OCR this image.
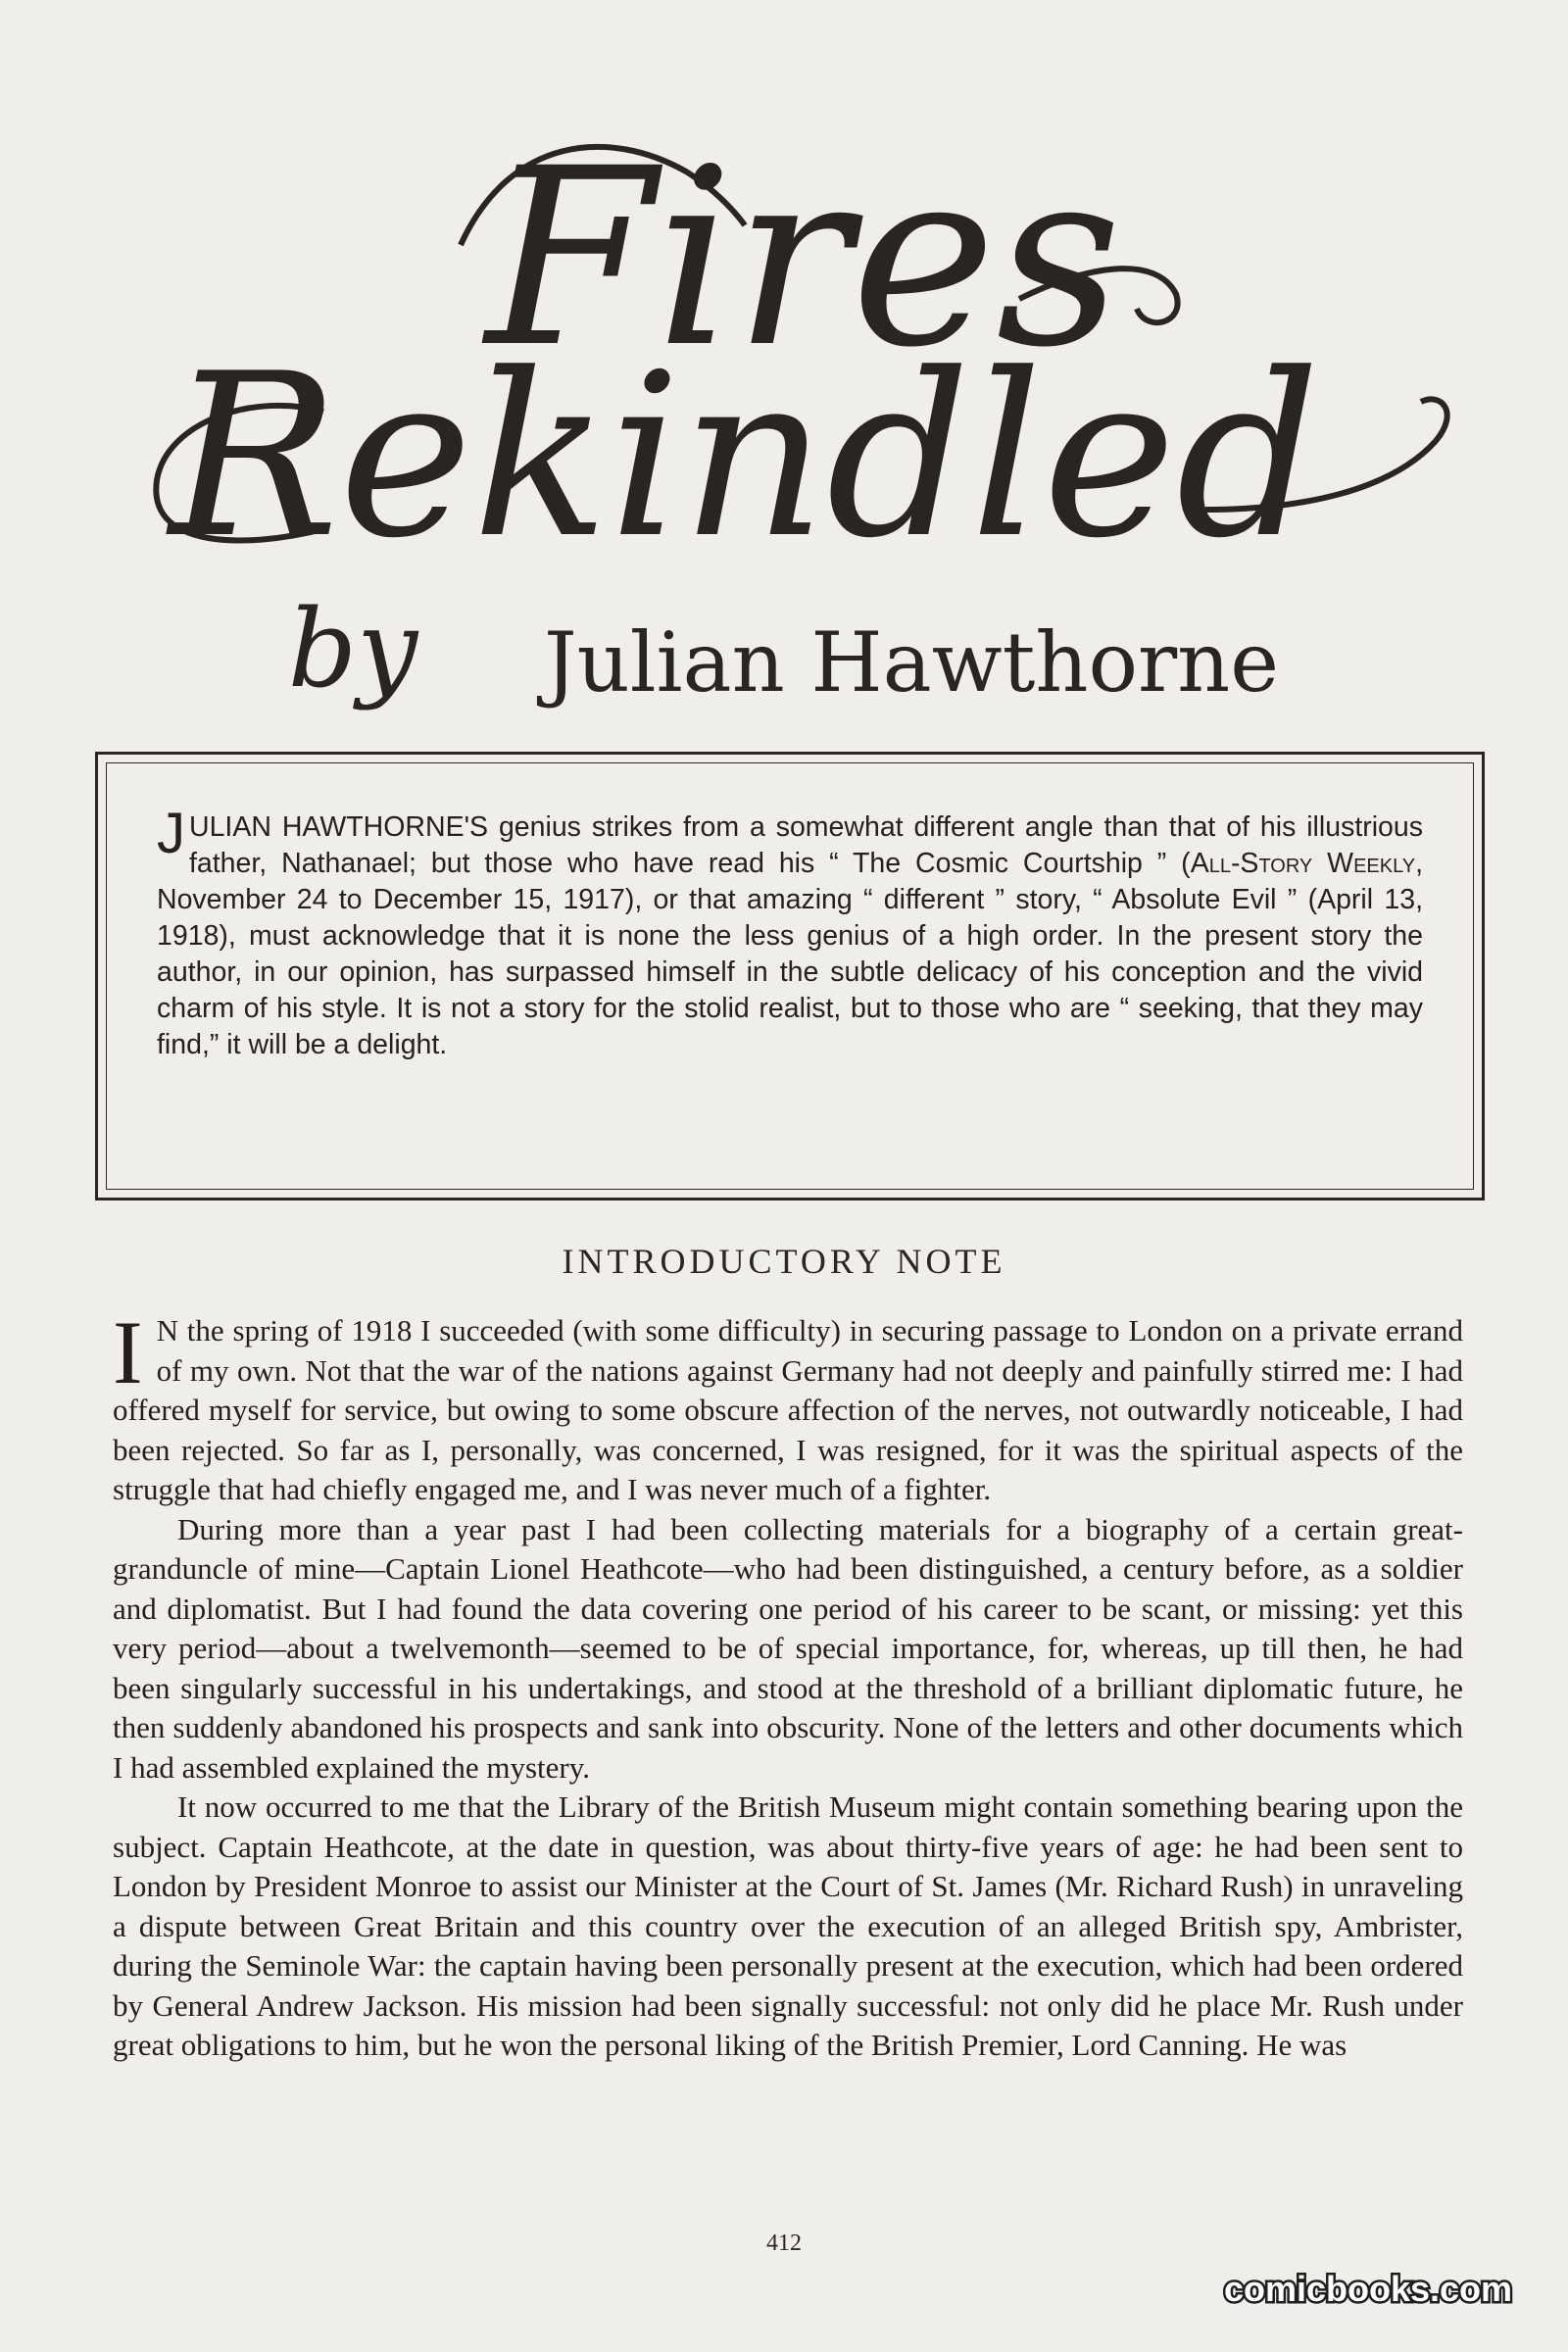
Fires
Rekindled
by Julian Hawthorne
JULIAN HAWTHORNE'S genius strikes from a somewhat different angle than that of his illustrious father, Nathanael; but those who have read his “ The Cosmic Courtship ” (All-Story Weekly, November 24 to December 15, 1917), or that amazing “ different ” story, “ Absolute Evil ” (April 13, 1918), must acknowledge that it is none the less genius of a high order. In the present story the author, in our opinion, has surpassed himself in the subtle delicacy of his conception and the vivid charm of his style. It is not a story for the stolid realist, but to those who are “ seeking, that they may find,” it will be a delight.
INTRODUCTORY NOTE

I N the spring of 1918 I succeeded (with some difficulty) in securing passage to London on a private errand of my own. Not that the war of the nations against Germany had not deeply and painfully stirred me: I had offered myself for service, but owing to some obscure affection of the nerves, not outwardly noticeable, I had been rejected. So far as I, personally, was concerned, I was resigned, for it was the spiritual aspects of the struggle that had chiefly engaged me, and I was never much of a fighter.

During more than a year past I had been collecting materials for a biography of a certain great-granduncle of mine—Captain Lionel Heathcote—who had been distinguished, a century before, as a soldier and diplomatist. But I had found the data covering one period of his career to be scant, or missing: yet this very period—about a twelvemonth—seemed to be of special importance, for, whereas, up till then, he had been singularly successful in his undertakings, and stood at the threshold of a brilliant diplomatic future, he then suddenly abandoned his prospects and sank into obscurity. None of the letters and other documents which I had assembled explained the mystery.

It now occurred to me that the Library of the British Museum might contain something bearing upon the subject. Captain Heathcote, at the date in question, was about thirty-five years of age: he had been sent to London by President Monroe to assist our Minister at the Court of St. James (Mr. Richard Rush) in unraveling a dispute between Great Britain and this country over the execution of an alleged British spy, Ambrister, during the Seminole War: the captain having been personally present at the execution, which had been ordered by General Andrew Jackson. His mission had been signally successful: not only did he place Mr. Rush under great obligations to him, but he won the personal liking of the British Premier, Lord Canning. He was

412
comicbooks.com
